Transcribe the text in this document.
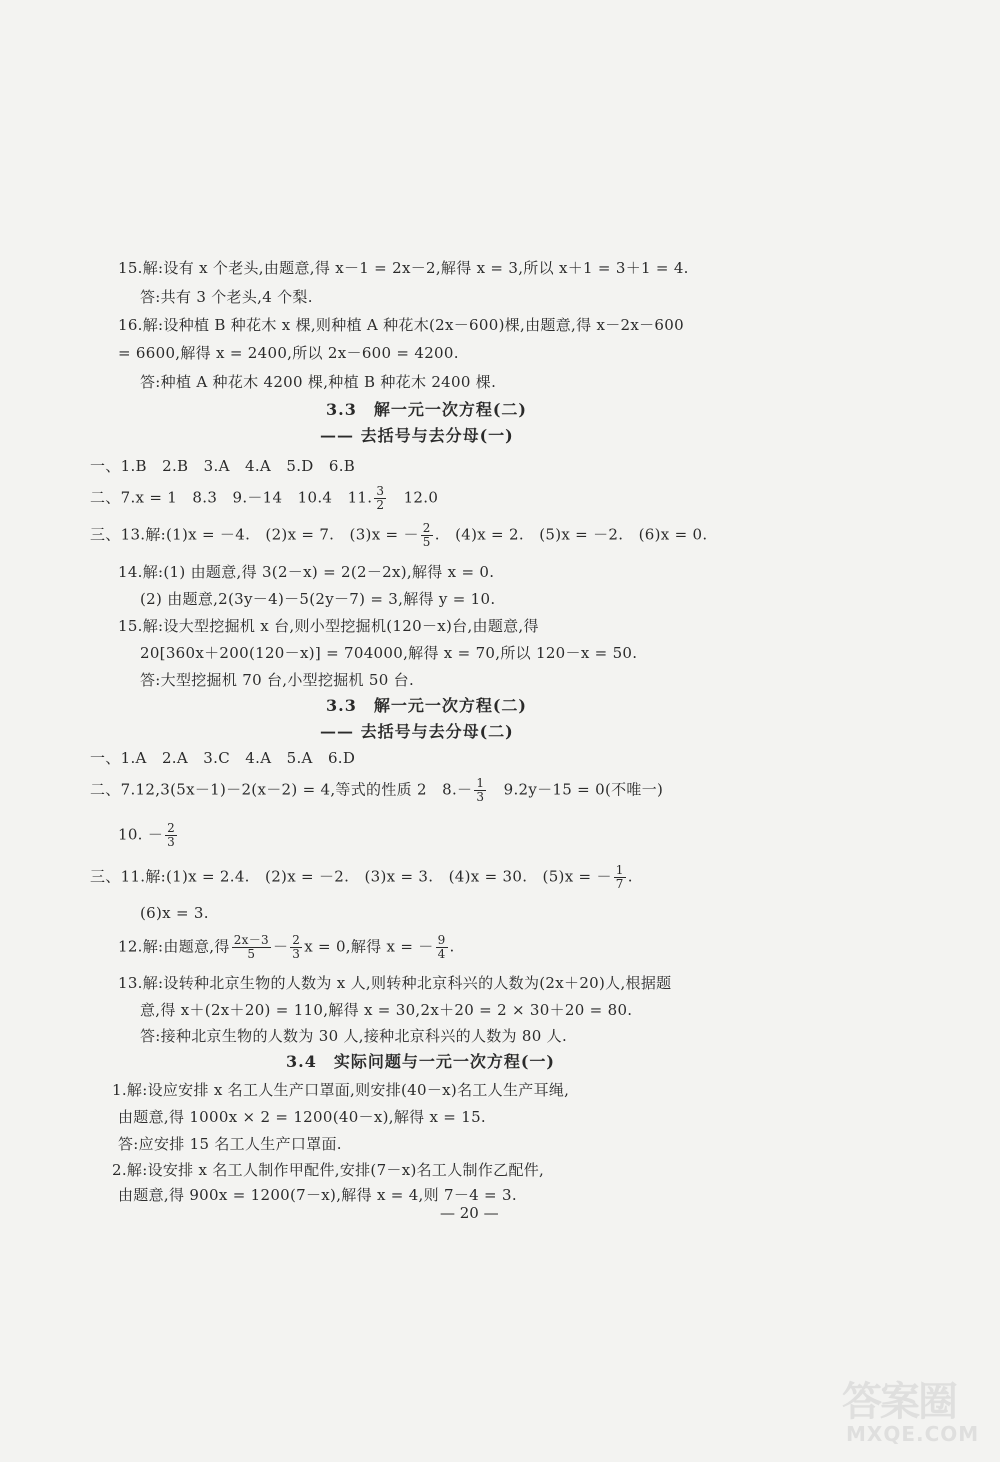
15.解:设有 x 个老头,由题意,得 x－1 = 2x－2,解得 x = 3,所以 x＋1 = 3＋1 = 4.
答:共有 3 个老头,4 个梨.
16.解:设种植 B 种花木 x 棵,则种植 A 种花木(2x－600)棵,由题意,得 x－2x－600
= 6600,解得 x = 2400,所以 2x－600 = 4200.
答:种植 A 种花木 4200 棵,种植 B 种花木 2400 棵.
3.3　解一元一次方程(二)
—— 去括号与去分母(一)
一、1.B　2.B　3.A　4.A　5.D　6.B
二、7.x = 1　8.3　9.－14　10.4　11. $\frac{3}{2}$ 　12.0
三、13.解:(1)x = －4.　(2)x = 7.　(3)x = － $\frac{2}{5}$ .　(4)x = 2.　(5)x = －2.　(6)x = 0.
14.解:(1) 由题意,得 3(2－x) = 2(2－2x),解得 x = 0.
(2) 由题意,2(3y－4)－5(2y－7) = 3,解得 y = 10.
15.解:设大型挖掘机 x 台,则小型挖掘机(120－x)台,由题意,得
20[360x＋200(120－x)] = 704000,解得 x = 70,所以 120－x = 50.
答:大型挖掘机 70 台,小型挖掘机 50 台.
3.3　解一元一次方程(二)
—— 去括号与去分母(二)
一、1.A　2.A　3.C　4.A　5.A　6.D
二、7.12,3(5x－1)－2(x－2) = 4,等式的性质 2　$8.- \frac{1}{3}$ 　9.2y－15 = 0(不唯一)
10. － $\frac{2}{3}$
三、11.解:(1)x = 2.4.　(2)x = －2.　(3)x = 3.　(4)x = 30.　(5)x = － $\frac{1}{7}$ .
(6)x = 3.
12.解:由题意,得 $\frac{2x-3}{5} - \frac{2}{3}$ x = 0,解得 x = － $\frac{9}{4}$ .
13.解:设转种北京生物的人数为 x 人,则转种北京科兴的人数为(2x＋20)人,根据题
意,得 x＋(2x＋20) = 110,解得 x = 30,2x＋20 = 2 × 30＋20 = 80.
答:接种北京生物的人数为 30 人,接种北京科兴的人数为 80 人.
3.4　实际问题与一元一次方程(一)
1.解:设应安排 x 名工人生产口罩面,则安排(40－x)名工人生产耳绳,
由题意,得 1000x × 2 = 1200(40－x),解得 x = 15.
答:应安排 15 名工人生产口罩面.
2.解:设安排 x 名工人制作甲配件,安排(7－x)名工人制作乙配件,
由题意,得 900x = 1200(7－x),解得 x = 4,则 7－4 = 3.
— 20 —
答案圈
MXQE.COM
